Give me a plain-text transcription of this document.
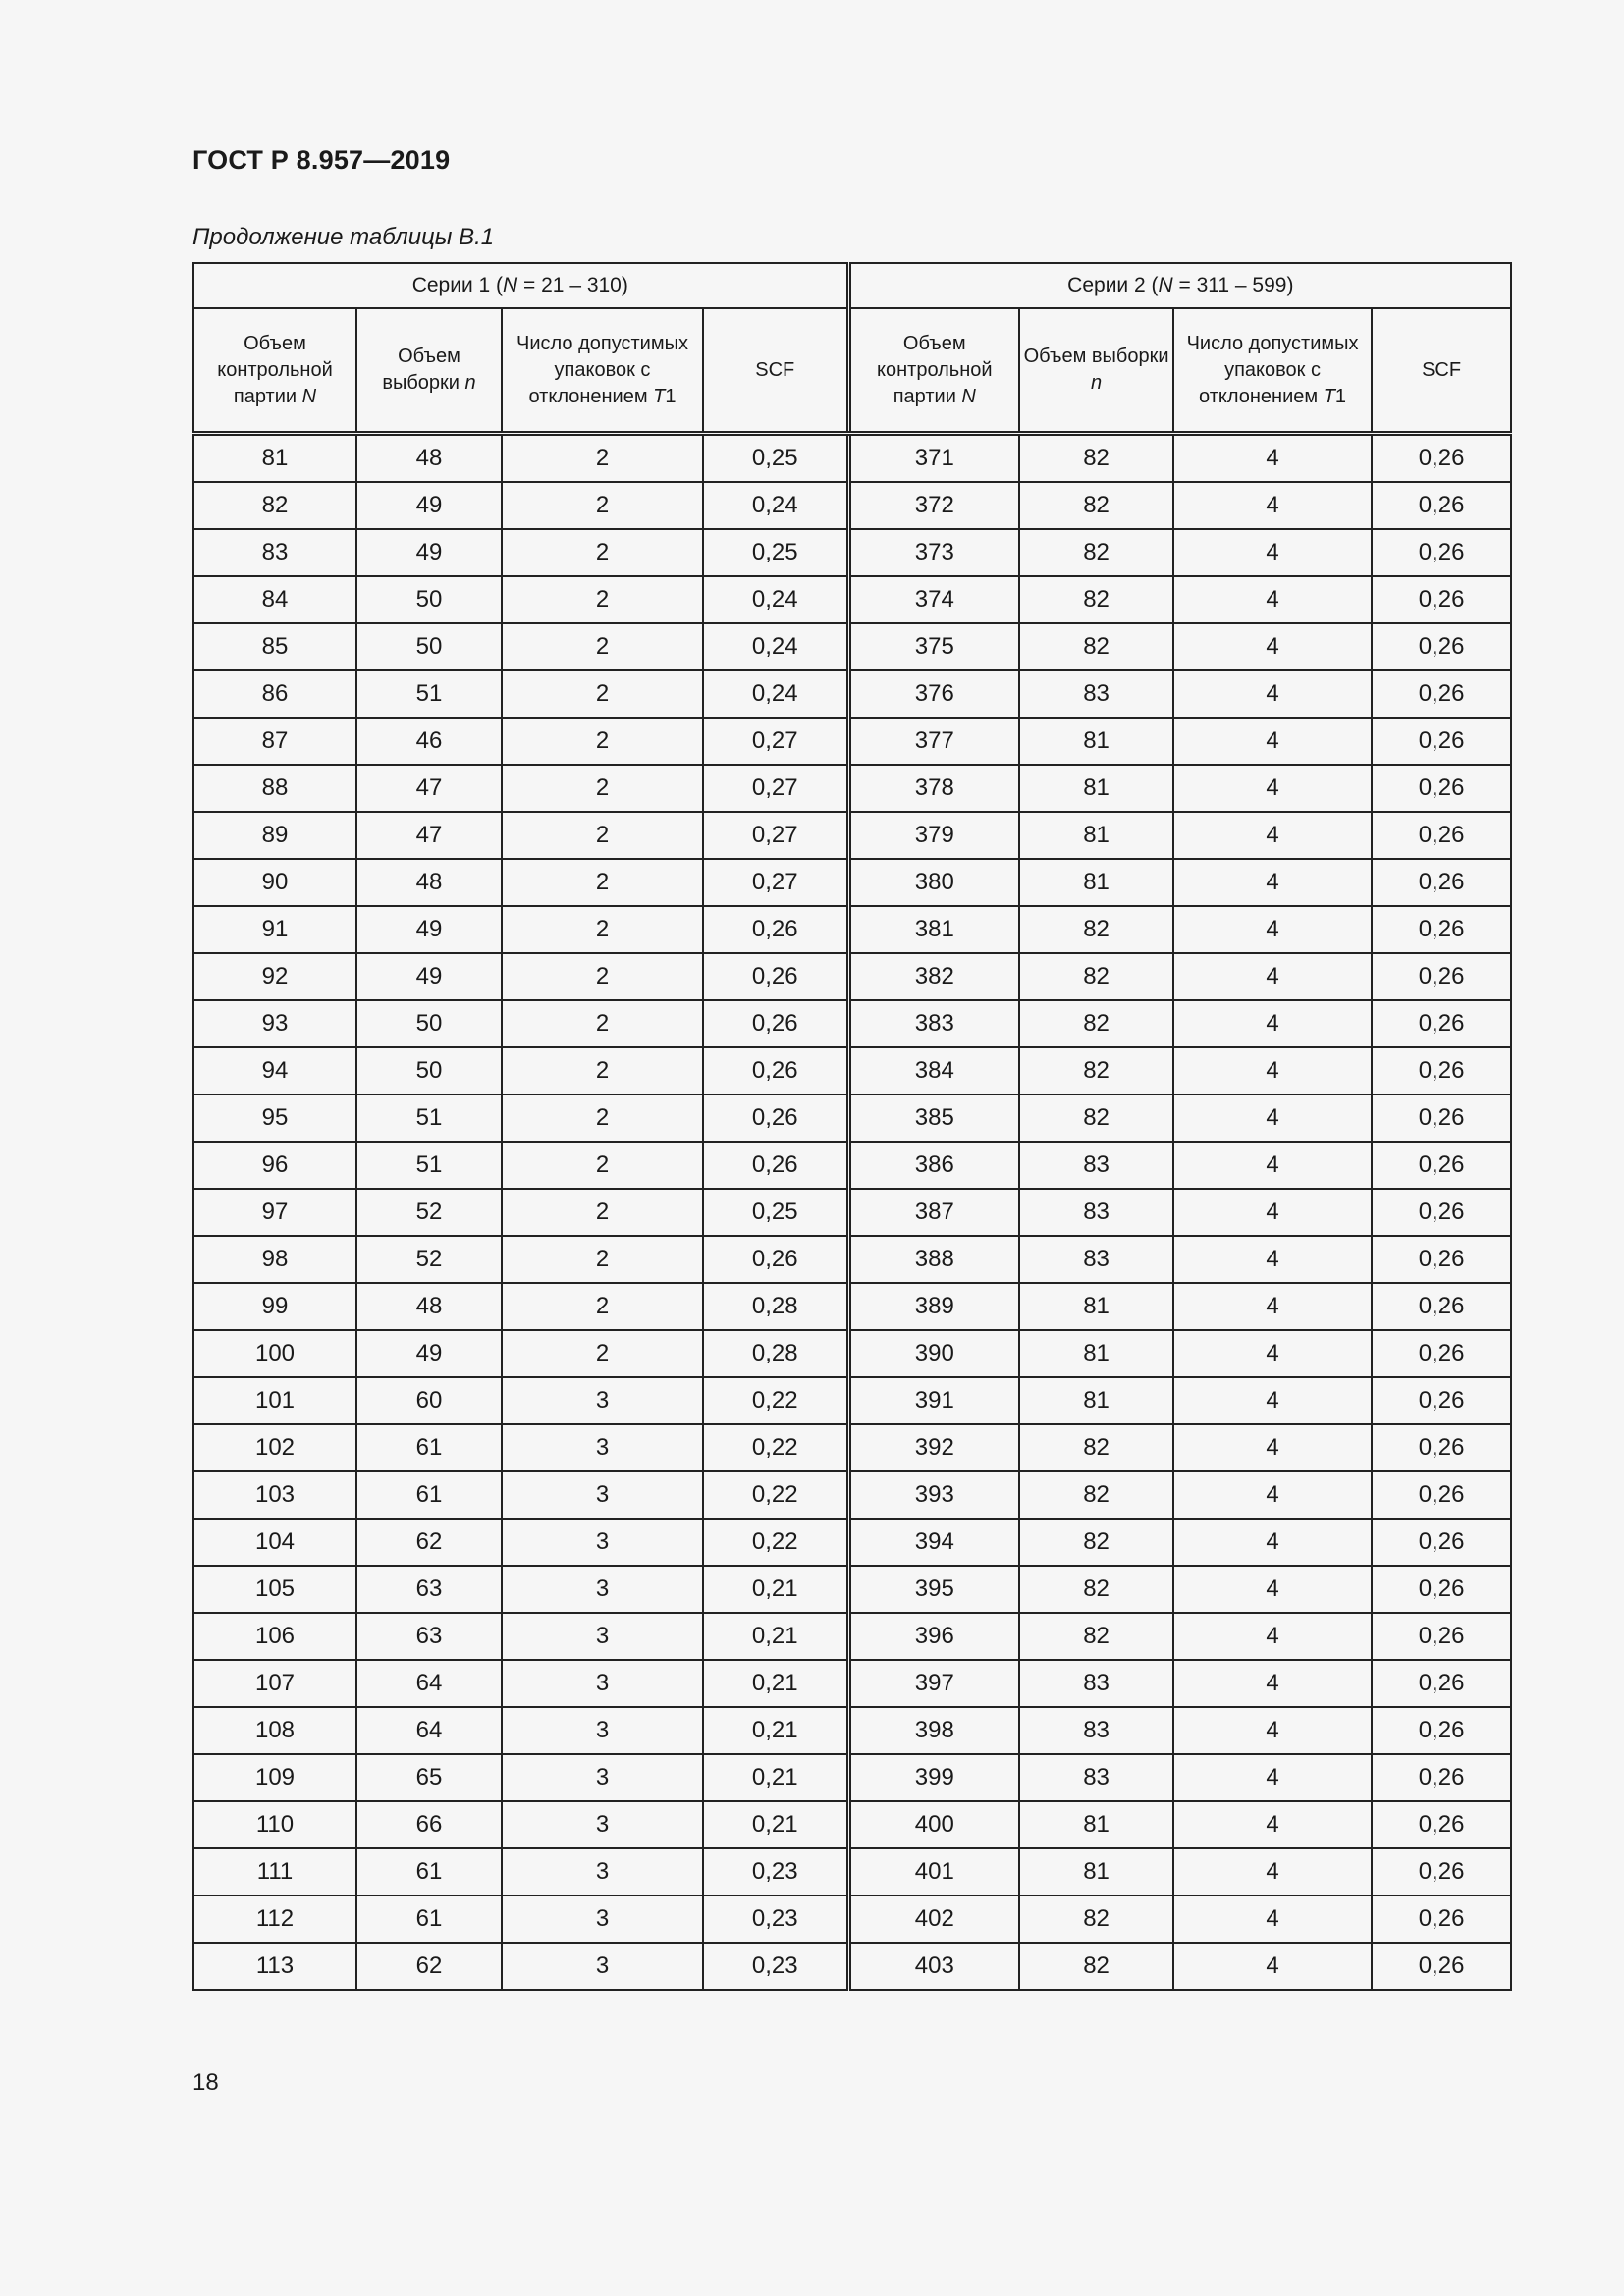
ГОСТ Р 8.957—2019
Продолжение таблицы В.1
Серии 1 (N = 21 – 310)				Серии 2 (N = 311 – 599)			
Объем контрольной партии N	Объем выборки n	Число допустимых упаковок с отклонением T1	SCF	Объем контрольной партии N	Объем выборки n	Число допустимых упаковок с отклонением T1	SCF
81	48	2	0,25	371	82	4	0,26
82	49	2	0,24	372	82	4	0,26
83	49	2	0,25	373	82	4	0,26
84	50	2	0,24	374	82	4	0,26
85	50	2	0,24	375	82	4	0,26
86	51	2	0,24	376	83	4	0,26
87	46	2	0,27	377	81	4	0,26
88	47	2	0,27	378	81	4	0,26
89	47	2	0,27	379	81	4	0,26
90	48	2	0,27	380	81	4	0,26
91	49	2	0,26	381	82	4	0,26
92	49	2	0,26	382	82	4	0,26
93	50	2	0,26	383	82	4	0,26
94	50	2	0,26	384	82	4	0,26
95	51	2	0,26	385	82	4	0,26
96	51	2	0,26	386	83	4	0,26
97	52	2	0,25	387	83	4	0,26
98	52	2	0,26	388	83	4	0,26
99	48	2	0,28	389	81	4	0,26
100	49	2	0,28	390	81	4	0,26
101	60	3	0,22	391	81	4	0,26
102	61	3	0,22	392	82	4	0,26
103	61	3	0,22	393	82	4	0,26
104	62	3	0,22	394	82	4	0,26
105	63	3	0,21	395	82	4	0,26
106	63	3	0,21	396	82	4	0,26
107	64	3	0,21	397	83	4	0,26
108	64	3	0,21	398	83	4	0,26
109	65	3	0,21	399	83	4	0,26
110	66	3	0,21	400	81	4	0,26
111	61	3	0,23	401	81	4	0,26
112	61	3	0,23	402	82	4	0,26
113	62	3	0,23	403	82	4	0,26
18
